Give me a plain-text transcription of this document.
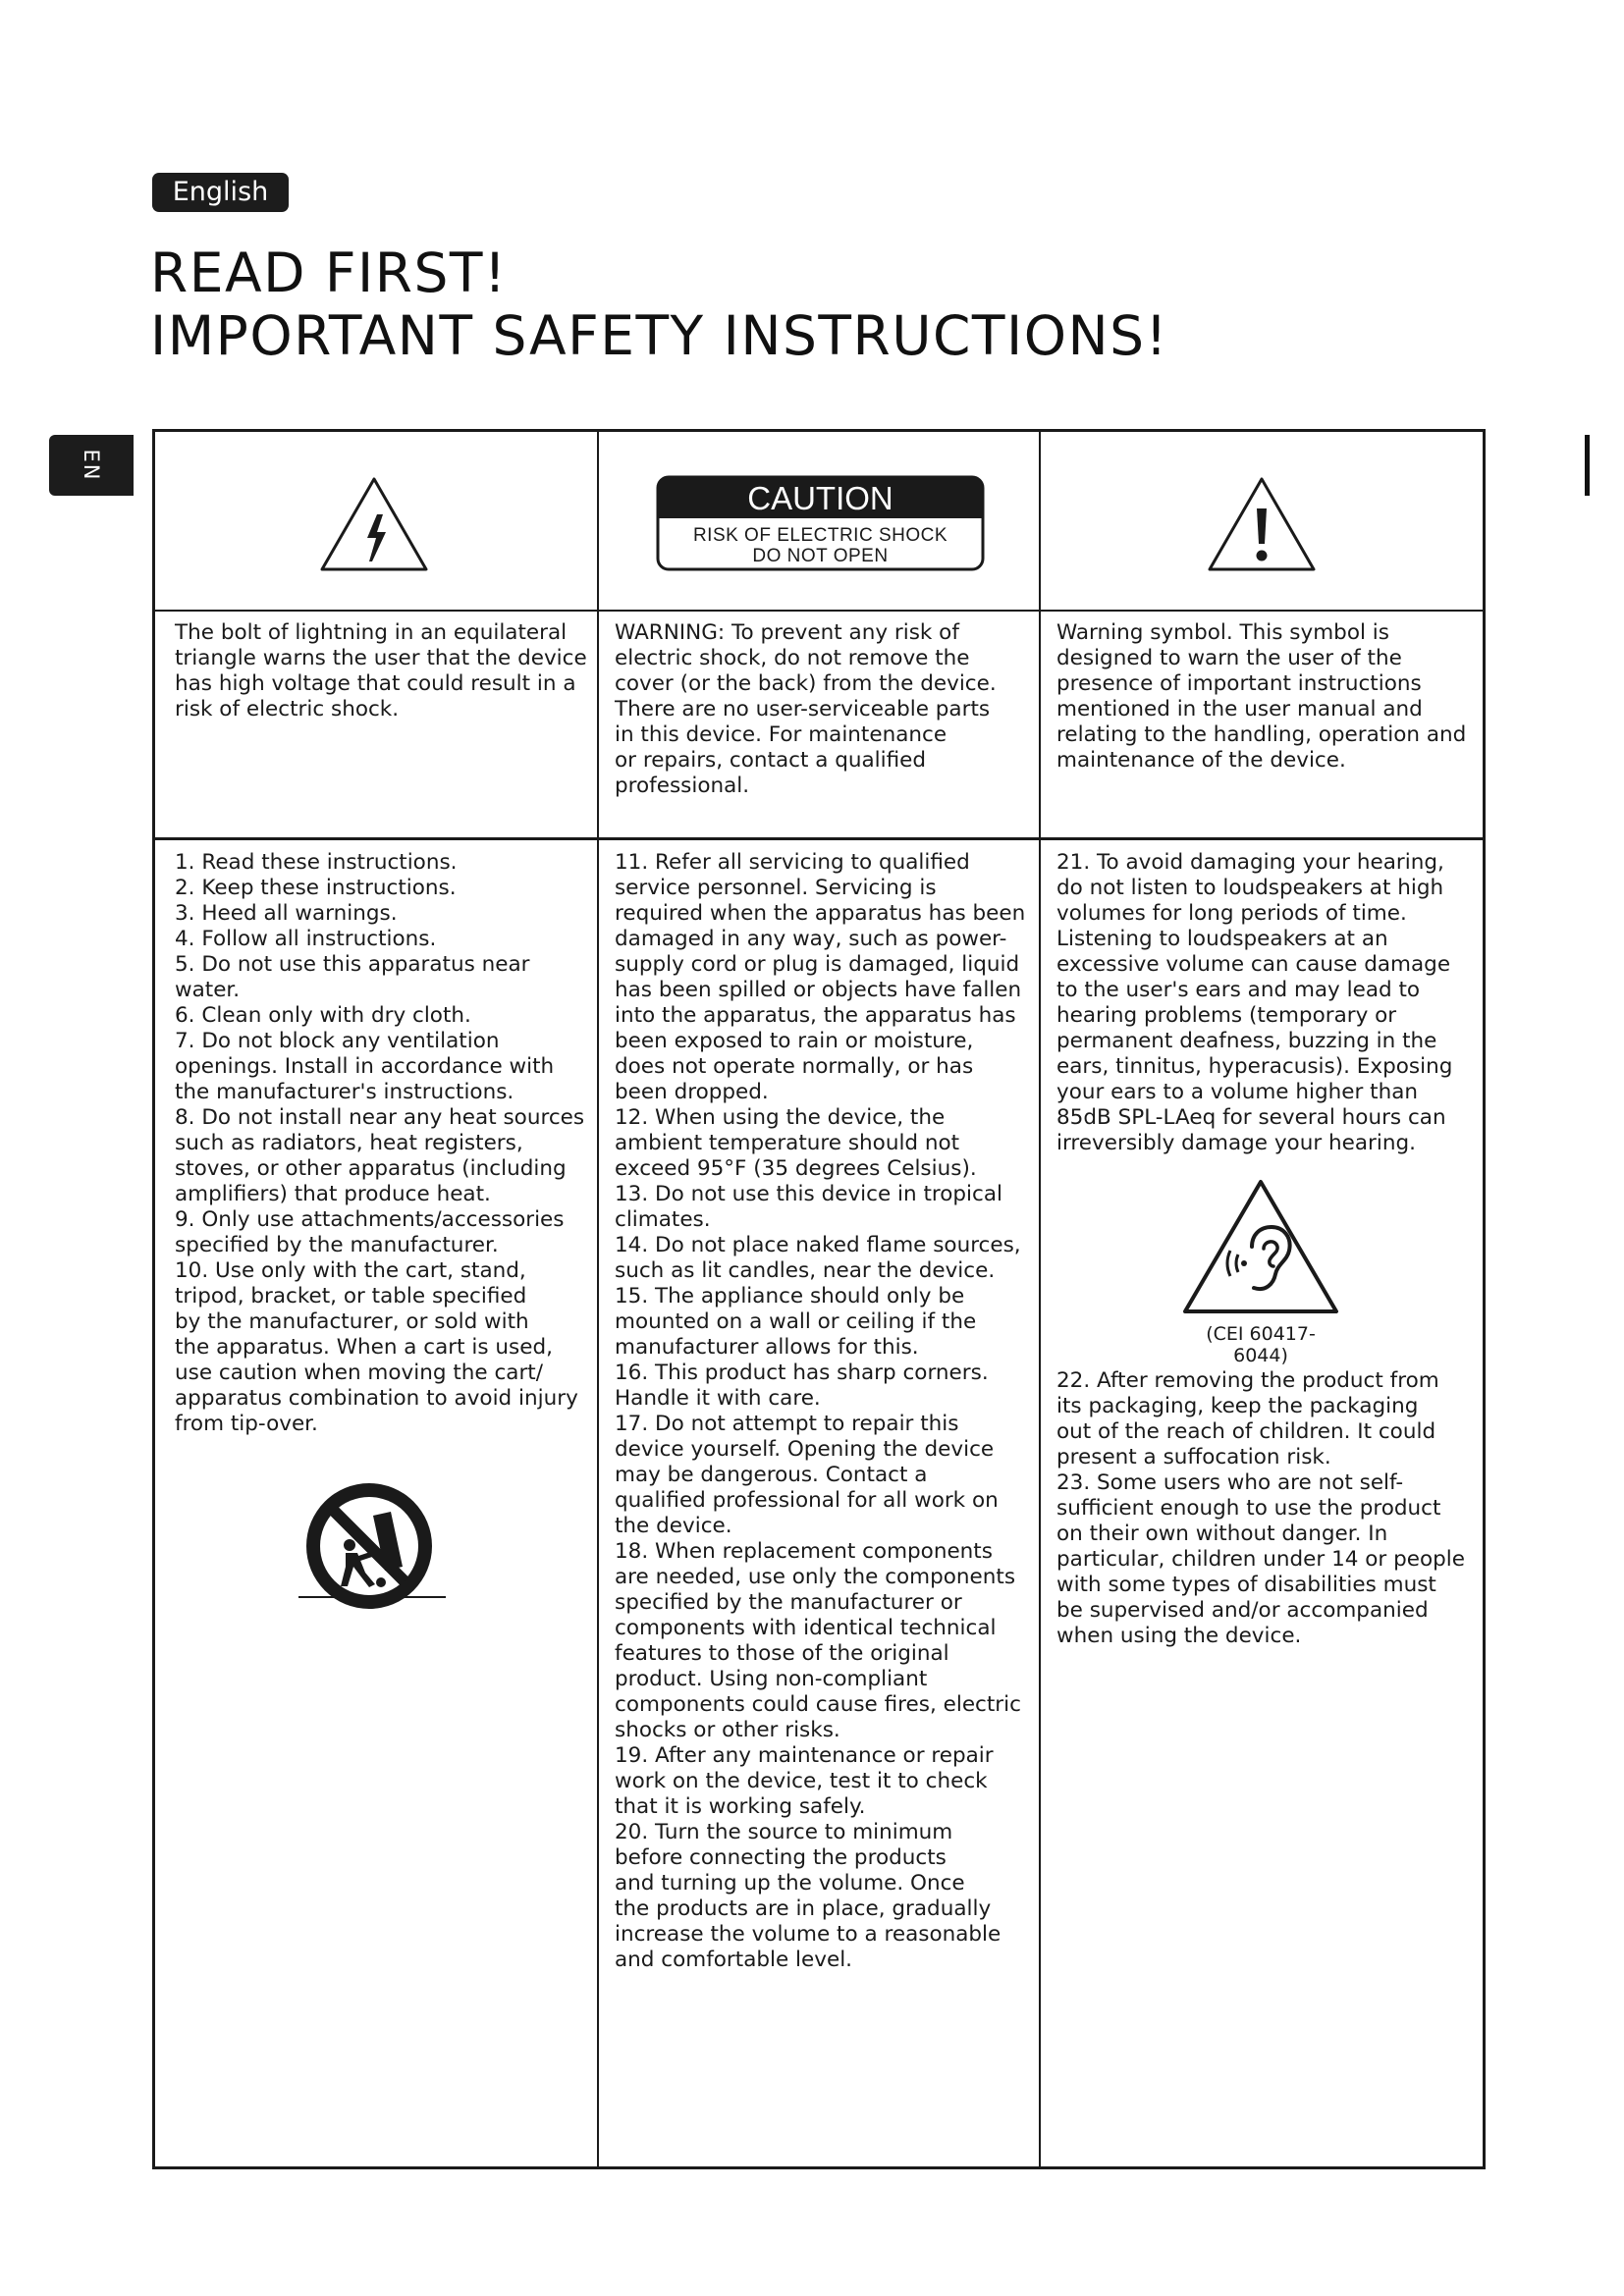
English
READ FIRST!
IMPORTANT SAFETY INSTRUCTIONS!
EN
CAUTION
RISK OF ELECTRIC SHOCK
DO NOT OPEN
The bolt of lightning in an equilateral
triangle warns the user that the device
has high voltage that could result in a
risk of electric shock.
WARNING: To prevent any risk of
electric shock, do not remove the
cover (or the back) from the device.
There are no user-serviceable parts
in this device. For maintenance
or repairs, contact a qualified
professional.
Warning symbol. This symbol is
designed to warn the user of the
presence of important instructions
mentioned in the user manual and
relating to the handling, operation and
maintenance of the device.
1. Read these instructions.
2. Keep these instructions.
3. Heed all warnings.
4. Follow all instructions.
5. Do not use this apparatus near
water.
6. Clean only with dry cloth.
7. Do not block any ventilation
openings. Install in accordance with
the manufacturer's instructions.
8. Do not install near any heat sources
such as radiators, heat registers,
stoves, or other apparatus (including
amplifiers) that produce heat.
9. Only use attachments/accessories
specified by the manufacturer.
10. Use only with the cart, stand,
tripod, bracket, or table specified
by the manufacturer, or sold with
the apparatus. When a cart is used,
use caution when moving the cart/
apparatus combination to avoid injury
from tip-over.
11. Refer all servicing to qualified
service personnel. Servicing is
required when the apparatus has been
damaged in any way, such as power-
supply cord or plug is damaged, liquid
has been spilled or objects have fallen
into the apparatus, the apparatus has
been exposed to rain or moisture,
does not operate normally, or has
been dropped.
12. When using the device, the
ambient temperature should not
exceed 95°F (35 degrees Celsius).
13. Do not use this device in tropical
climates.
14. Do not place naked flame sources,
such as lit candles, near the device.
15. The appliance should only be
mounted on a wall or ceiling if the
manufacturer allows for this.
16. This product has sharp corners.
Handle it with care.
17. Do not attempt to repair this
device yourself. Opening the device
may be dangerous. Contact a
qualified professional for all work on
the device.
18. When replacement components
are needed, use only the components
specified by the manufacturer or
components with identical technical
features to those of the original
product. Using non-compliant
components could cause fires, electric
shocks or other risks.
19. After any maintenance or repair
work on the device, test it to check
that it is working safely.
20. Turn the source to minimum
before connecting the products
and turning up the volume. Once
the products are in place, gradually
increase the volume to a reasonable
and comfortable level.
21. To avoid damaging your hearing,
do not listen to loudspeakers at high
volumes for long periods of time.
Listening to loudspeakers at an
excessive volume can cause damage
to the user's ears and may lead to
hearing problems (temporary or
permanent deafness, buzzing in the
ears, tinnitus, hyperacusis). Exposing
your ears to a volume higher than
85dB SPL-LAeq for several hours can
irreversibly damage your hearing.
(CEI 60417-6044)
22. After removing the product from
its packaging, keep the packaging
out of the reach of children. It could
present a suffocation risk.
23. Some users who are not self-
sufficient enough to use the product
on their own without danger. In
particular, children under 14 or people
with some types of disabilities must
be supervised and/or accompanied
when using the device.
